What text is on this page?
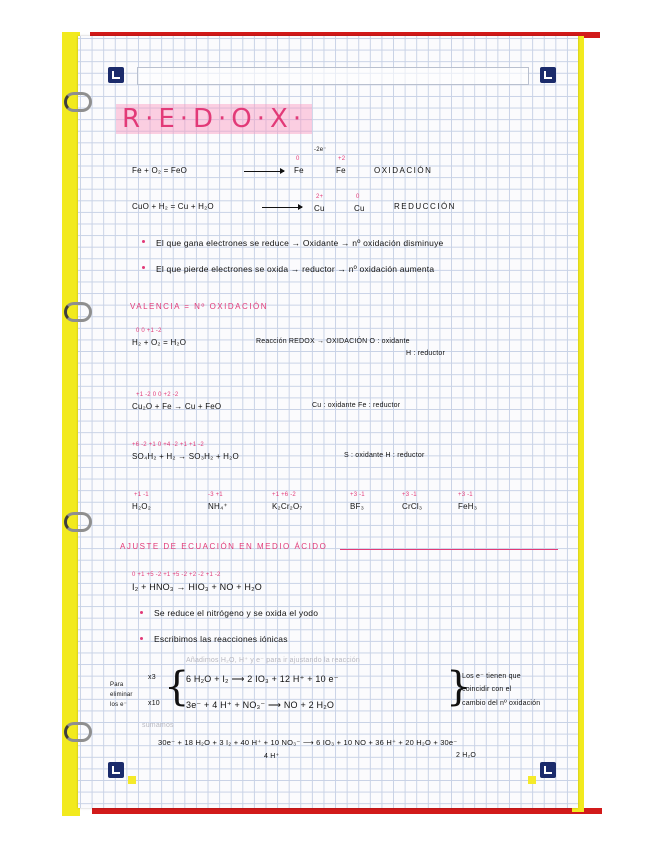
R·E·D·O·X·
Fe + O₂ = FeO
-2e⁻
0	+2
Fe	Fe	OXIDACIÓN
CuO + H₂ = Cu + H₂O
2+	0
Cu	Cu	REDUCCIÓN
El que gana electrones se reduce → Oxidante → nº oxidación disminuye
El que pierde electrones se oxida → reductor → nº oxidación aumenta
VALENCIA = Nº OXIDACIÓN
0 0 +1 -2
H₂ + O₂ = H₂O	Reacción REDOX → OXIDACIÓN O : oxidante
H : reductor
+1 -2 0 0 +2 -2
Cu₂O + Fe → Cu + FeO	Cu : oxidante Fe : reductor
+6 -2 +1 0 +4 -2 +1 +1 -2
SO₄H₂ + H₂ → SO₃H₂ + H₂O	S : oxidante H : reductor
+1 -1
H₂O₂
-3 +1
NH₄⁺
+1 +6 -2
K₂Cr₂O₇
+3 -1
BF₃
+3 -1
CrCl₃
+3 -1
FeH₃
AJUSTE DE ECUACIÓN EN MEDIO ÁCIDO
0 +1 +5 -2 +1 +5 -2 +2 -2 +1 -2
I₂ + HNO₃ → HIO₃ + NO + H₂O
Se reduce el nitrógeno y se oxida el yodo
Escribimos las reacciones iónicas
Añadimos H₂O, H⁺ y e⁻ para ir ajustando la reacción
Para eliminar los e⁻
x3
x10 {
6 H₂O + I₂ ⟶ 2 IO₃ + 12 H⁺ + 10 e⁻
3e⁻ + 4 H⁺ + NO₃⁻ ⟶ NO + 2 H₂O	}
Los e⁻ tienen que
coincidir con el
cambio del nº oxidación
sumamos
30e⁻ + 18 H₂O + 3 I₂ + 40 H⁺ + 10 NO₃⁻ ⟶ 6 IO₃ + 10 NO + 36 H⁺ + 20 H₂O + 30e⁻
4 H⁺	2 H₂O
